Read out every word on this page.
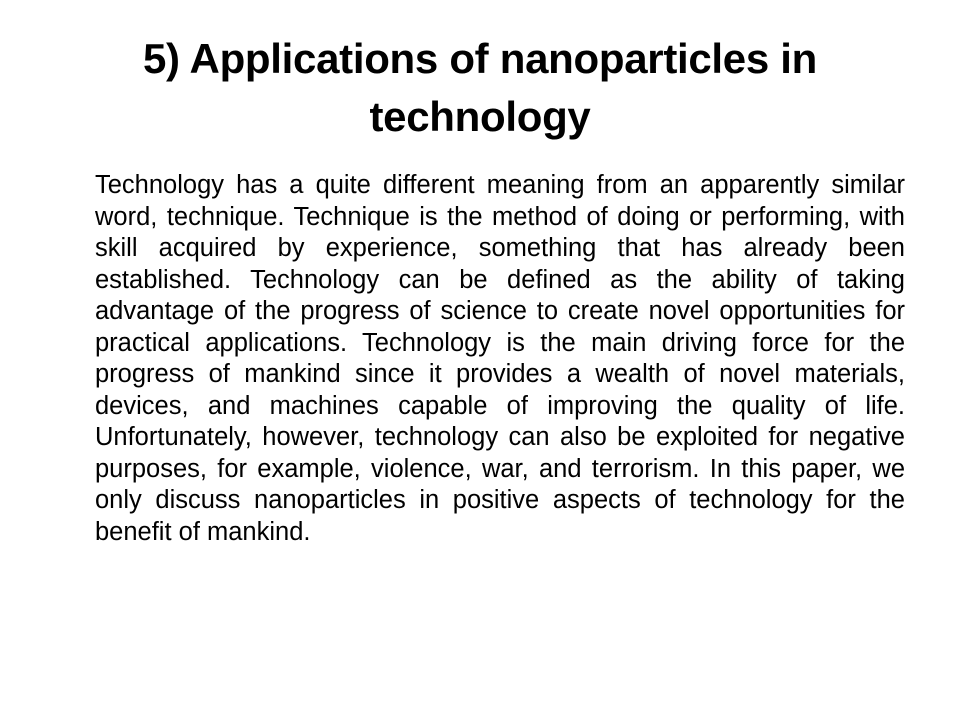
5) Applications of nanoparticles in technology

Technology has a quite different meaning from an apparently similar word, technique. Technique is the method of doing or performing, with skill acquired by experience, something that has already been established. Technology can be defined as the ability of taking advantage of the progress of science to create novel opportunities for practical applications. Technology is the main driving force for the progress of mankind since it provides a wealth of novel materials, devices, and machines capable of improving the quality of life. Unfortunately, however, technology can also be exploited for negative purposes, for example, violence, war, and terrorism. In this paper, we only discuss nanoparticles in positive aspects of technology for the benefit of mankind.
